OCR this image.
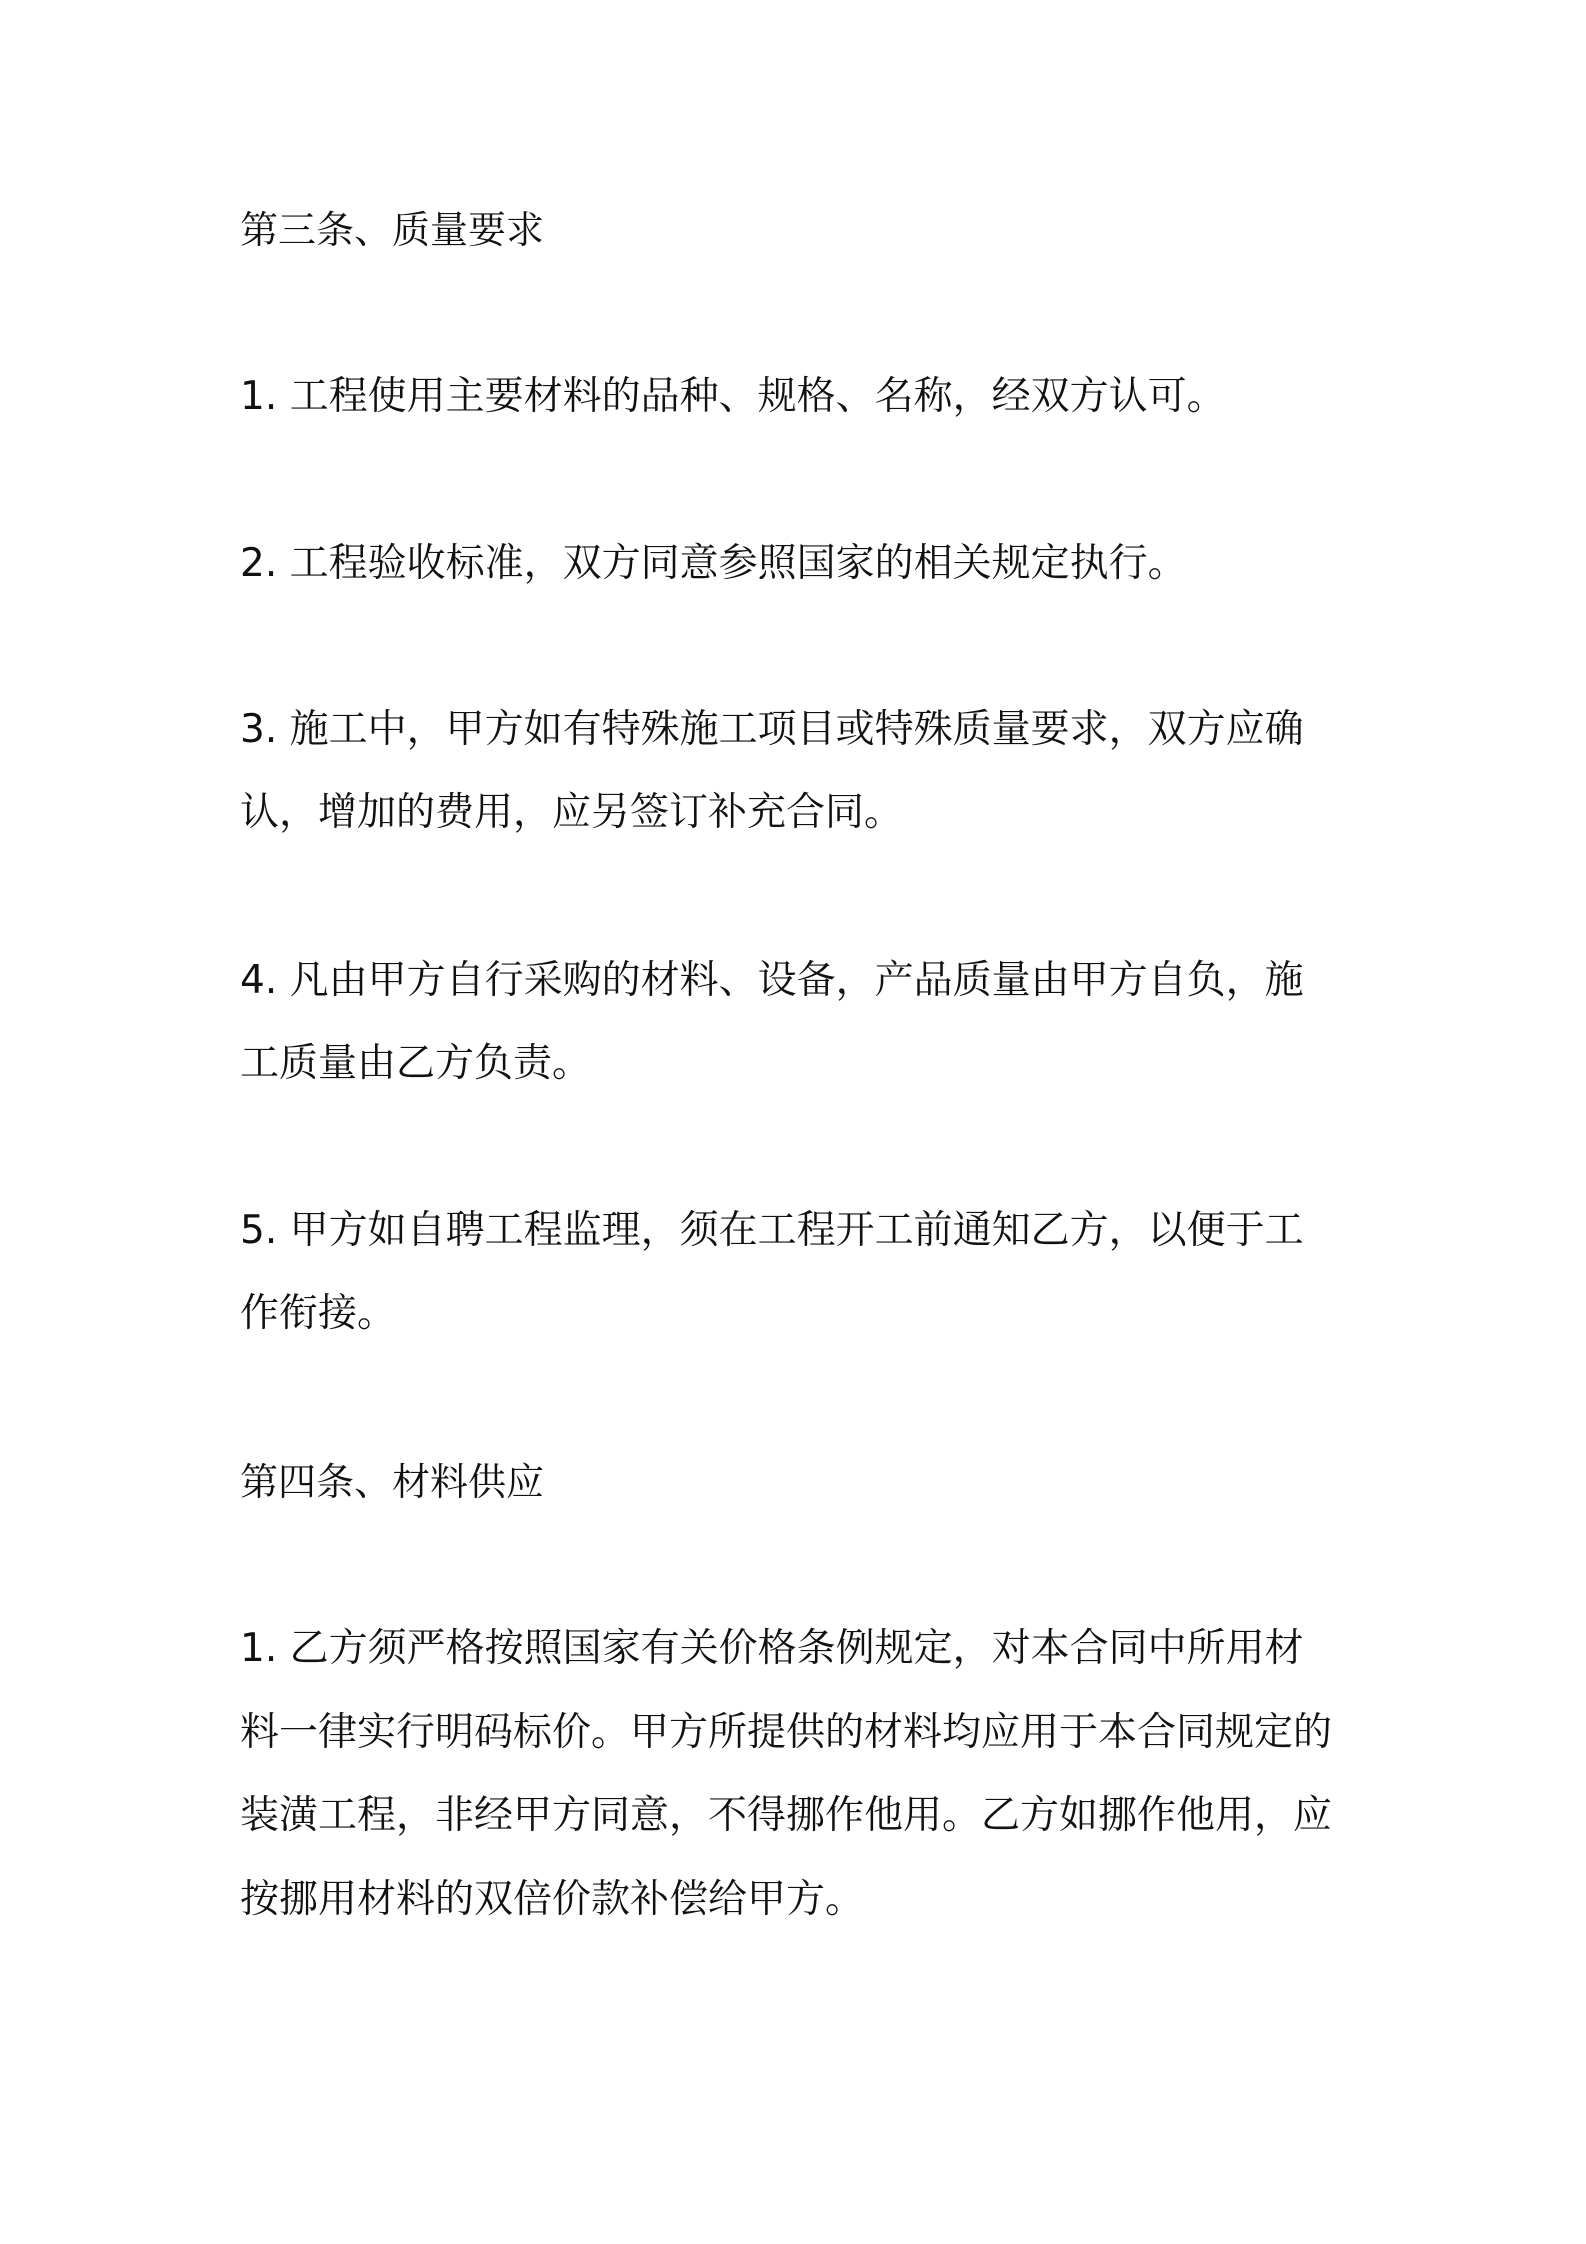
第三条、质量要求

1. 工程使用主要材料的品种、规格、名称，经双方认可。

2. 工程验收标准，双方同意参照国家的相关规定执行。

3. 施工中，甲方如有特殊施工项目或特殊质量要求，双方应确

认，增加的费用，应另签订补充合同。

4. 凡由甲方自行采购的材料、设备，产品质量由甲方自负，施

工质量由乙方负责。

5. 甲方如自聘工程监理，须在工程开工前通知乙方，以便于工

作衔接。

第四条、材料供应

1. 乙方须严格按照国家有关价格条例规定，对本合同中所用材

料一律实行明码标价。甲方所提供的材料均应用于本合同规定的

装潢工程，非经甲方同意，不得挪作他用。乙方如挪作他用，应

按挪用材料的双倍价款补偿给甲方。
